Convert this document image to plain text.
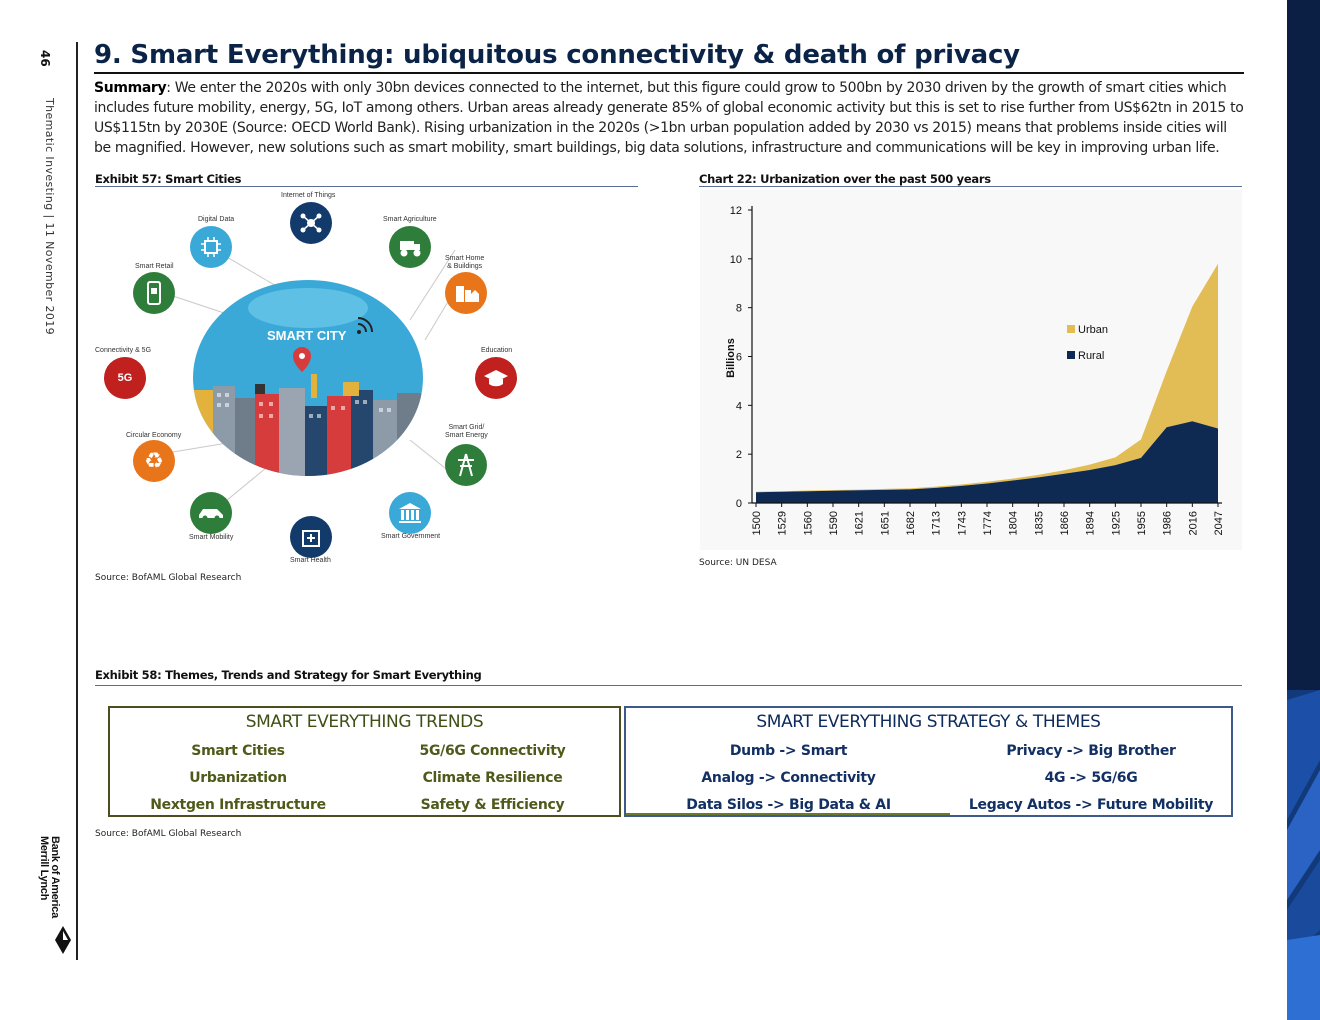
46
Thematic Investing | 11 November 2019
Bank of America
Merrill Lynch
9. Smart Everything: ubiquitous connectivity & death of privacy
Summary: We enter the 2020s with only 30bn devices connected to the internet, but this figure could grow to 500bn by 2030 driven by the growth of smart cities which includes future mobility, energy, 5G, IoT among others. Urban areas already generate 85% of global economic activity but this is set to rise further from US$62tn in 2015 to US$115tn by 2030E (Source: OECD World Bank). Rising urbanization in the 2020s (>1bn urban population added by 2030 vs 2015) means that problems inside cities will be magnified. However, new solutions such as smart mobility, smart buildings, big data solutions, infrastructure and communications will be key in improving urban life.
Exhibit 57: Smart Cities
SMART CITY
Internet of Things
Smart Agriculture
Digital Data
Smart Home
& Buildings
Smart Retail
Connectivity & 5G
5G
Education
Circular Economy
♻
Smart Grid/
Smart Energy
Smart Mobility	Smart Government
Smart Health
Source: BofAML Global Research
Chart 22: Urbanization over the past 500 years
0
2
4
6
8
10
12
1500 1529 1560 1590 1621 1651 1682 1713 1743 1774 1804 1835 1866 1894 1925 1955 1986 2016 2047
Billions
Urban
Rural
Source: UN DESA
Exhibit 58: Themes, Trends and Strategy for Smart Everything
SMART EVERYTHING TRENDS
Smart Cities	5G/6G Connectivity
Urbanization	Climate Resilience
Nextgen Infrastructure	Safety & Efficiency
SMART EVERYTHING STRATEGY & THEMES
Dumb -> Smart	Privacy -> Big Brother
Analog -> Connectivity	4G -> 5G/6G
Data Silos -> Big Data & AI	Legacy Autos -> Future Mobility
Source: BofAML Global Research
